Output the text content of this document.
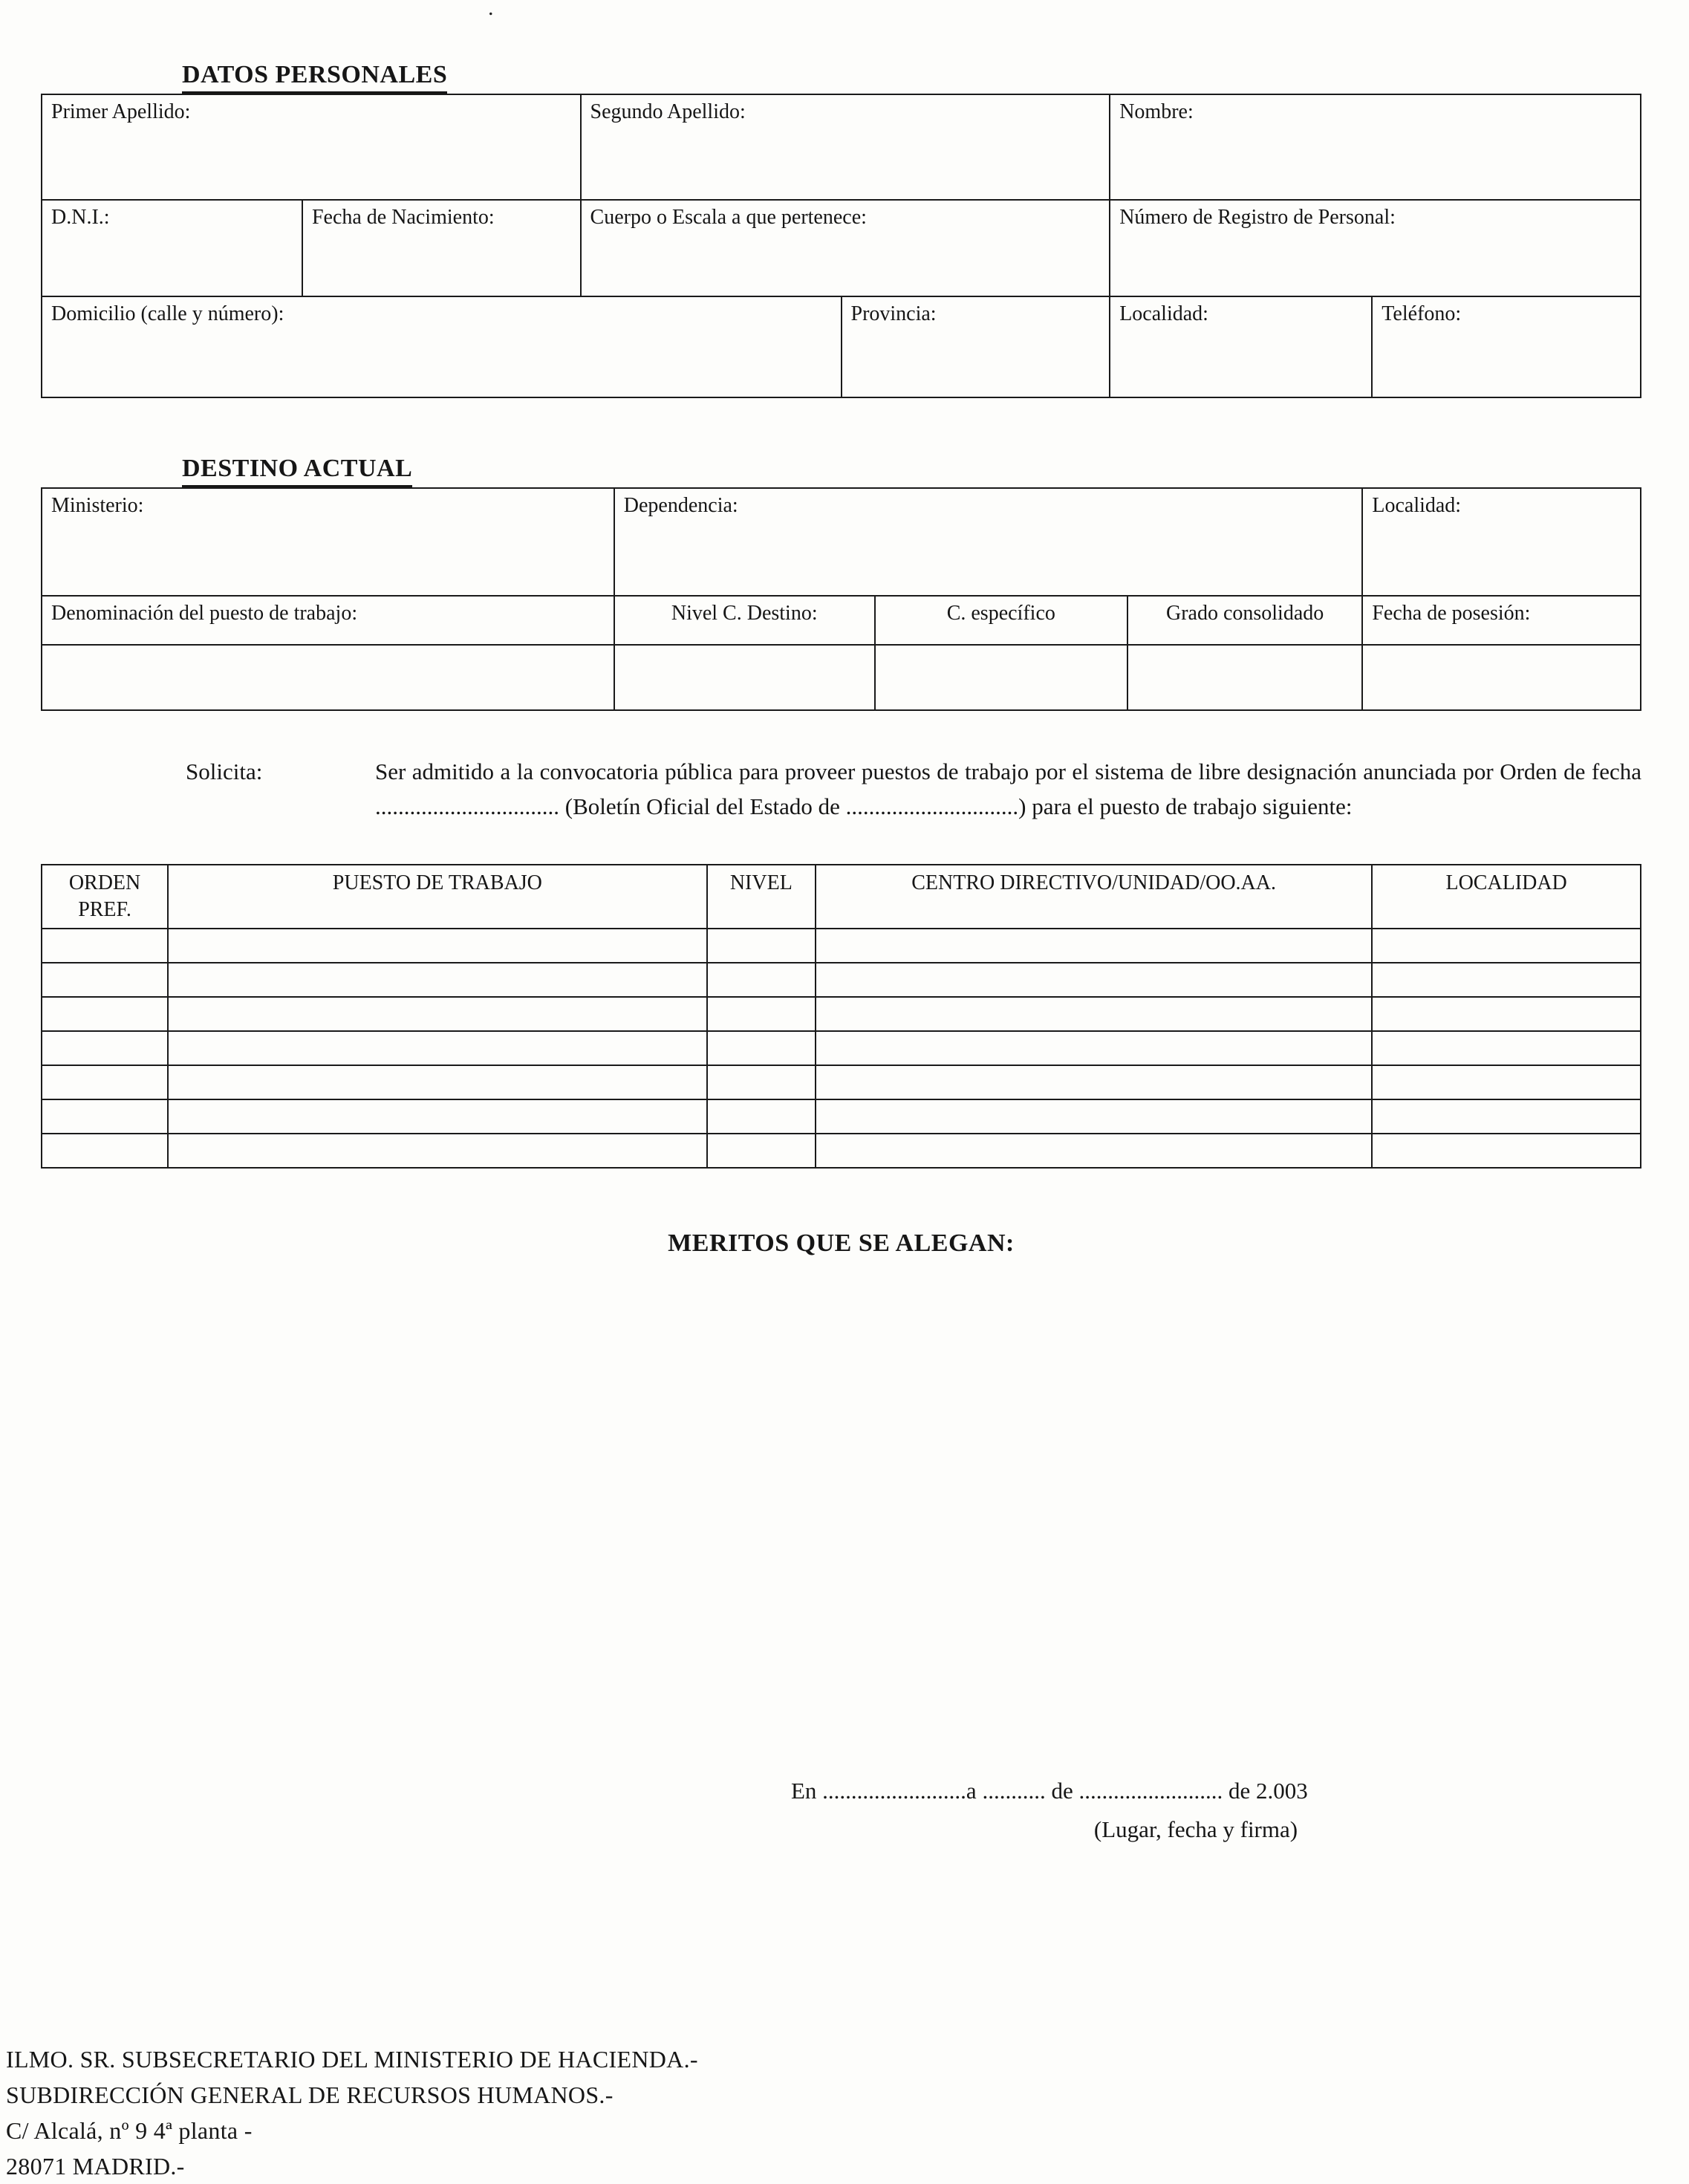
.
DATOS PERSONALES
Primer Apellido:	Segundo Apellido:	Nombre:
D.N.I.:	Fecha de Nacimiento:	Cuerpo o Escala a que pertenece:	Número de Registro de Personal:
Domicilio (calle y número):	Provincia:	Localidad:	Teléfono:
DESTINO ACTUAL
Ministerio:	Dependencia:	Localidad:
Denominación del puesto de trabajo:	Nivel C. Destino:	C. específico	Grado consolidado	Fecha de posesión:

Solicita:	Ser admitido a la convocatoria pública para proveer puestos de trabajo por el sistema de libre designación anunciada por Orden de fecha ................................ (Boletín Oficial del Estado de ..............................) para el puesto de trabajo siguiente:

ORDEN PREF.	PUESTO DE TRABAJO	NIVEL	CENTRO DIRECTIVO/UNIDAD/OO.AA.	LOCALIDAD

MERITOS QUE SE ALEGAN:
En .........................a ........... de ......................... de 2.003
(Lugar, fecha y firma)
ILMO. SR. SUBSECRETARIO DEL MINISTERIO DE HACIENDA.-
SUBDIRECCIÓN GENERAL DE RECURSOS HUMANOS.-
C/ Alcalá, nº 9 4ª planta -
28071 MADRID.-
